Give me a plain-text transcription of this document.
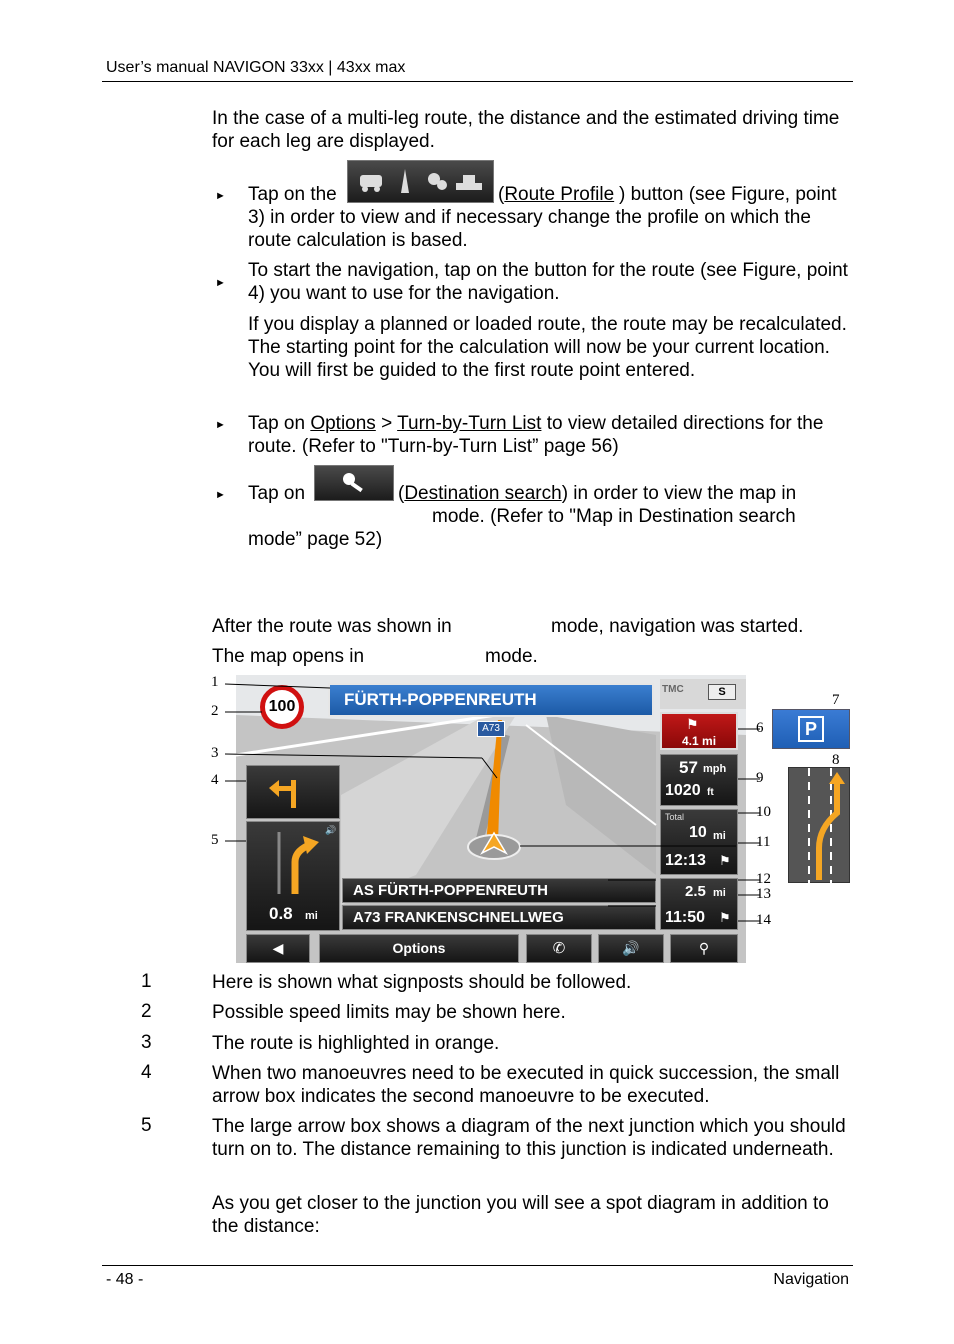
User’s manual NAVIGON 33xx | 43xx max
In the case of a multi-leg route, the distance and the estimated driving time for each leg are displayed.
► Tap on the	(Route Profile ) button (see Figure, point 3) in order to view and if necessary change the profile on which the route calculation is based.
►
To start the navigation, tap on the button for the route (see Figure, point 4) you want to use for the navigation.
If you display a planned or loaded route, the route may be recalculated. The starting point for the calculation will now be your current location. You will first be guided to the first route point entered.
► Tap on Options > Turn-by-Turn List to view detailed directions for the route. (Refer to "Turn-by-Turn List” page 56)
► Tap on	(Destination search) in order to view the map in
mode. (Refer to "Map in Destination search
mode” page 52)
After the route was shown in	mode, navigation was started.
The map opens in	mode.
100	FÜRTH-POPPENREUTH
A73
TMC	S
⚑
4.1 mi
57 mph
1020 ft
Total
10 mi
12:13 ⚑
2.5 mi
11:50 ⚑
🔊
0.8 mi
AS FÜRTH-POPPENREUTH
A73 FRANKENSCHNELLWEG
◀	Options	✆	🔊	⚲
P
1
2
3
4
5
6
7
8
9
10
11
12
13
14
1	Here is shown what signposts should be followed.
2	Possible speed limits may be shown here.
3	The route is highlighted in orange.
4	When two manoeuvres need to be executed in quick succession, the small arrow box indicates the second manoeuvre to be executed.
5	The large arrow box shows a diagram of the next junction which you should turn on to. The distance remaining to this junction is indicated underneath.
As you get closer to the junction you will see a spot diagram in addition to the distance:
- 48 -	Navigation
